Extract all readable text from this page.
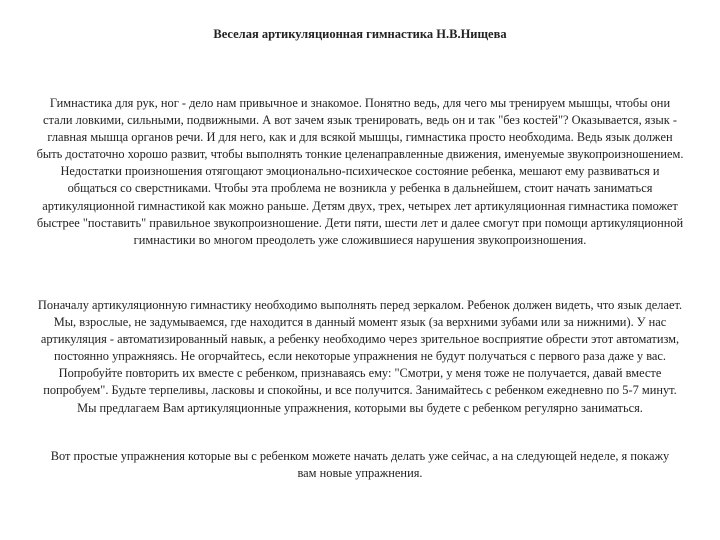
Веселая артикуляционная гимнастика Н.В.Нищева

Гимнастика для рук, ног - дело нам привычное и знакомое. Понятно ведь, для чего мы тренируем мышцы, чтобы они стали ловкими, сильными, подвижными. А вот зачем язык тренировать, ведь он и так "без костей"? Оказывается, язык - главная мышца органов речи. И для него, как и для всякой мышцы, гимнастика просто необходима. Ведь язык должен быть достаточно хорошо развит, чтобы выполнять тонкие целенаправленные движения, именуемые звукопроизношением. Недостатки произношения отягощают эмоционально-психическое состояние ребенка, мешают ему развиваться и общаться со сверстниками. Чтобы эта проблема не возникла у ребенка в дальнейшем, стоит начать заниматься артикуляционной гимнастикой как можно раньше. Детям двух, трех, четырех лет артикуляционная гимнастика поможет быстрее "поставить" правильное звукопроизношение. Дети пяти, шести лет и далее смогут при помощи артикуляционной гимнастики во многом преодолеть уже сложившиеся нарушения звукопроизношения.

Поначалу артикуляционную гимнастику необходимо выполнять перед зеркалом. Ребенок должен видеть, что язык делает. Мы, взрослые, не задумываемся, где находится в данный момент язык (за верхними зубами или за нижними). У нас артикуляция - автоматизированный навык, а ребенку необходимо через зрительное восприятие обрести этот автоматизм, постоянно упражняясь. Не огорчайтесь, если некоторые упражнения не будут получаться с первого раза даже у вас. Попробуйте повторить их вместе с ребенком, признаваясь ему: "Смотри, у меня тоже не получается, давай вместе попробуем". Будьте терпеливы, ласковы и спокойны, и все получится. Занимайтесь с ребенком ежедневно по 5-7 минут. Мы предлагаем Вам артикуляционные упражнения, которыми вы будете с ребенком регулярно заниматься.

Вот простые упражнения которые вы с ребенком можете начать делать уже сейчас, а на следующей неделе, я покажу вам новые упражнения.
